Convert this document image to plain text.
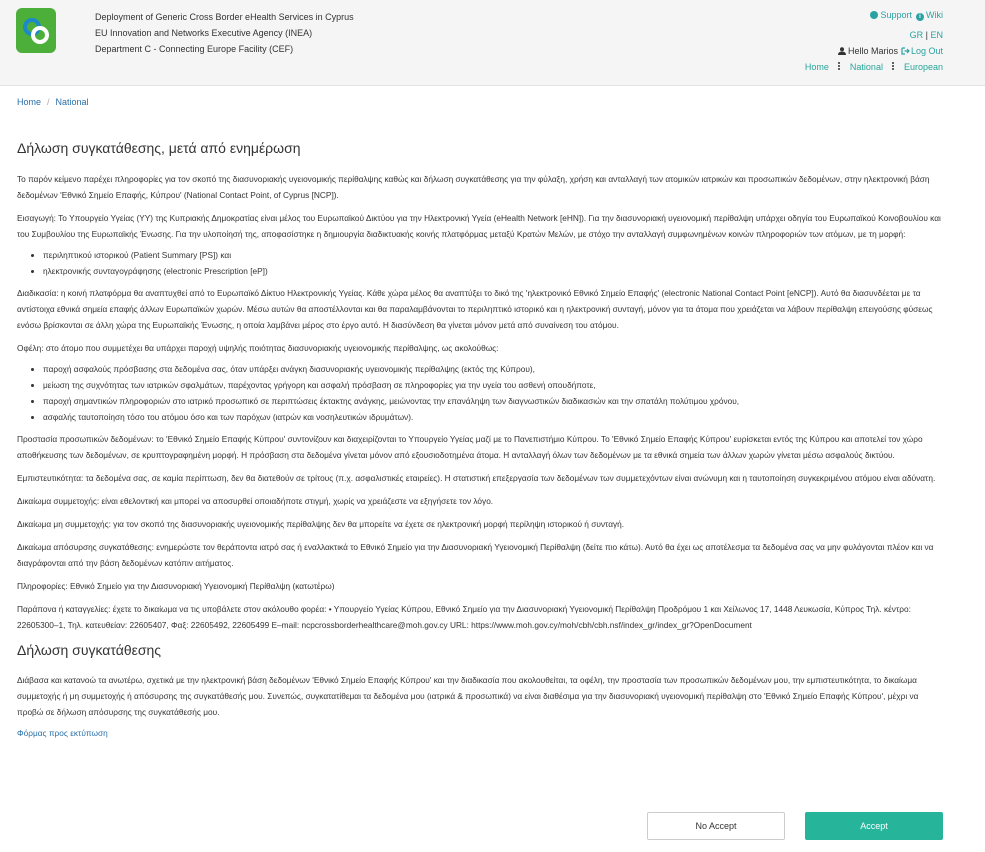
Deployment of Generic Cross Border eHealth Services in Cyprus
EU Innovation and Networks Executive Agency (INEA)
Department C - Connecting Europe Facility (CEF)
Support i Wiki
GR | EN
Hello Marios Log Out
Home National European
Home / National
Δήλωση συγκατάθεσης, μετά από ενημέρωση

Το παρόν κείμενο παρέχει πληροφορίες για τον σκοπό της διασυνοριακής υγειονομικής περίθαλψης καθώς και δήλωση συγκατάθεσης για την φύλαξη, χρήση και ανταλλαγή των ατομικών ιατρικών και προσωπικών δεδομένων, στην ηλεκτρονική βάση δεδομένων 'Εθνικό Σημείο Επαφής, Κύπρου' (National Contact Point, of Cyprus [NCP]).

Εισαγωγή: Το Υπουργείο Υγείας (ΥΥ) της Κυπριακής Δημοκρατίας είναι μέλος του Ευρωπαϊκού Δικτύου για την Ηλεκτρονική Υγεία (eHealth Network [eHN]). Για την διασυνοριακή υγειονομική περίθαλψη υπάρχει οδηγία του Ευρωπαϊκού Κοινοβουλίου και του Συμβουλίου της Ευρωπαϊκής Ένωσης. Για την υλοποίησή της, αποφασίστηκε η δημιουργία διαδικτυακής κοινής πλατφόρμας μεταξύ Κρατών Μελών, με στόχο την ανταλλαγή συμφωνημένων κοινών πληροφοριών των ατόμων, με τη μορφή:

• περιληπτικού ιστορικού (Patient Summary [PS]) και
• ηλεκτρονικής συνταγογράφησης (electronic Prescription [eP])

Διαδικασία: η κοινή πλατφόρμα θα αναπτυχθεί από το Ευρωπαϊκό Δίκτυο Ηλεκτρονικής Υγείας. Κάθε χώρα μέλος θα αναπτύξει το δικό της 'ηλεκτρονικό Εθνικό Σημείο Επαφής' (electronic National Contact Point [eNCP]). Αυτό θα διασυνδέεται με τα αντίστοιχα εθνικά σημεία επαφής άλλων Ευρωπαϊκών χωρών. Μέσω αυτών θα αποστέλλονται και θα παραλαμβάνονται το περιληπτικό ιστορικό και η ηλεκτρονική συνταγή, μόνον για τα άτομα που χρειάζεται να λάβουν περίθαλψη επειγούσης φύσεως ενόσω βρίσκονται σε άλλη χώρα της Ευρωπαϊκής Ένωσης, η οποία λαμβάνει μέρος στο έργο αυτό. Η διασύνδεση θα γίνεται μόνον μετά από συναίνεση του ατόμου.

Οφέλη: στο άτομο που συμμετέχει θα υπάρχει παροχή υψηλής ποιότητας διασυνοριακής υγειονομικής περίθαλψης, ως ακολούθως:

• παροχή ασφαλούς πρόσβασης στα δεδομένα σας, όταν υπάρξει ανάγκη διασυνοριακής υγειονομικής περίθαλψης (εκτός της Κύπρου),
• μείωση της συχνότητας των ιατρικών σφαλμάτων, παρέχοντας γρήγορη και ασφαλή πρόσβαση σε πληροφορίες για την υγεία του ασθενή οπουδήποτε,
• παροχή σημαντικών πληροφοριών στο ιατρικό προσωπικό σε περιπτώσεις έκτακτης ανάγκης, μειώνοντας την επανάληψη των διαγνωστικών διαδικασιών και την σπατάλη πολύτιμου χρόνου,
• ασφαλής ταυτοποίηση τόσο του ατόμου όσο και των παρόχων (ιατρών και νοσηλευτικών ιδρυμάτων).

Προστασία προσωπικών δεδομένων: το 'Εθνικό Σημείο Επαφής Κύπρου' συντονίζουν και διαχειρίζονται το Υπουργείο Υγείας μαζί με το Πανεπιστήμιο Κύπρου. Το 'Εθνικό Σημείο Επαφής Κύπρου' ευρίσκεται εντός της Κύπρου και αποτελεί τον χώρο αποθήκευσης των δεδομένων, σε κρυπτογραφημένη μορφή. Η πρόσβαση στα δεδομένα γίνεται μόνον από εξουσιοδοτημένα άτομα. Η ανταλλαγή όλων των δεδομένων με τα εθνικά σημεία των άλλων χωρών γίνεται μέσω ασφαλούς δικτύου.

Εμπιστευτικότητα: τα δεδομένα σας, σε καμία περίπτωση, δεν θα διατεθούν σε τρίτους (π.χ. ασφαλιστικές εταιρείες). Η στατιστική επεξεργασία των δεδομένων των συμμετεχόντων είναι ανώνυμη και η ταυτοποίηση συγκεκριμένου ατόμου είναι αδύνατη.

Δικαίωμα συμμετοχής: είναι εθελοντική και μπορεί να αποσυρθεί οποιαδήποτε στιγμή, χωρίς να χρειάζεστε να εξηγήσετε τον λόγο.

Δικαίωμα μη συμμετοχής: για τον σκοπό της διασυνοριακής υγειονομικής περίθαλψης δεν θα μπορείτε να έχετε σε ηλεκτρονική μορφή περίληψη ιστορικού ή συνταγή.

Δικαίωμα απόσυρσης συγκατάθεσης: ενημερώστε τον θεράποντα ιατρό σας ή εναλλακτικά το Εθνικό Σημείο για την Διασυνοριακή Υγειονομική Περίθαλψη (δείτε πιο κάτω). Αυτό θα έχει ως αποτέλεσμα τα δεδομένα σας να μην φυλάγονται πλέον και να διαγράφονται από την βάση δεδομένων κατόπιν αιτήματος.

Πληροφορίες: Εθνικό Σημείο για την Διασυνοριακή Υγειονομική Περίθαλψη (κατωτέρω)

Παράπονα ή καταγγελίες: έχετε το δικαίωμα να τις υποβάλετε στον ακόλουθο φορέα: • Υπουργείο Υγείας Κύπρου, Εθνικό Σημείο για την Διασυνοριακή Υγειονομική Περίθαλψη Προδρόμου 1 και Χείλωνος 17, 1448 Λευκωσία, Κύπρος Τηλ. κέντρο: 22605300–1, Τηλ. κατευθείαν: 22605407, Φαξ: 22605492, 22605499 E–mail: ncpcrossborderhealthcare@moh.gov.cy URL: https://www.moh.gov.cy/moh/cbh/cbh.nsf/index_gr/index_gr?OpenDocument

Δήλωση συγκατάθεσης

Διάβασα και κατανοώ τα ανωτέρω, σχετικά με την ηλεκτρονική βάση δεδομένων 'Εθνικό Σημείο Επαφής Κύπρου' και την διαδικασία που ακολουθείται, τα οφέλη, την προστασία των προσωπικών δεδομένων μου, την εμπιστευτικότητα, το δικαίωμα συμμετοχής ή μη συμμετοχής ή απόσυρσης της συγκατάθεσής μου. Συνεπώς, συγκατατίθεμαι τα δεδομένα μου (ιατρικά & προσωπικά) να είναι διαθέσιμα για την διασυνοριακή υγειονομική περίθαλψη στο 'Εθνικό Σημείο Επαφής Κύπρου', μέχρι να προβώ σε δήλωση απόσυρσης της συγκατάθεσής μου.

Φόρμας προς εκτύπωση
No Accept	Accept
